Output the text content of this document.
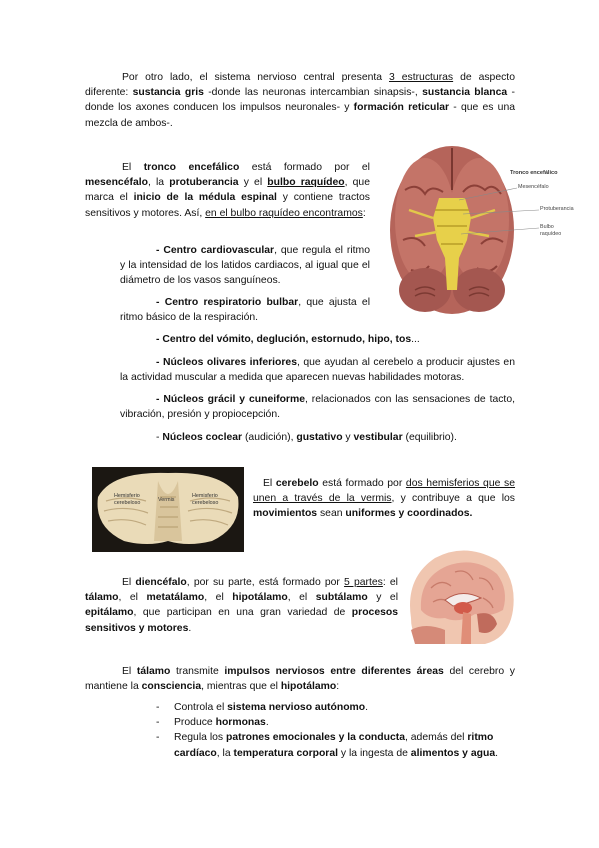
Por otro lado, el sistema nervioso central presenta 3 estructuras de aspecto diferente: sustancia gris -donde las neuronas intercambian sinapsis-, sustancia blanca -donde los axones conducen los impulsos neuronales- y formación reticular - que es una mezcla de ambos-.
El tronco encefálico está formado por el mesencéfalo, la protuberancia y el bulbo raquídeo, que marca el inicio de la médula espinal y contiene tractos sensitivos y motores. Así, en el bulbo raquídeo encontramos:
Tronco encefálico
Mesencéfalo
Protuberancia
Bulbo raquídeo
- Centro cardiovascular, que regula el ritmo y la intensidad de los latidos cardiacos, al igual que el diámetro de los vasos sanguíneos.
- Centro respiratorio bulbar, que ajusta el ritmo básico de la respiración.
- Centro del vómito, deglución, estornudo, hipo, tos...
- Núcleos olivares inferiores, que ayudan al cerebelo a producir ajustes en la actividad muscular a medida que aparecen nuevas habilidades motoras.
- Núcleos grácil y cuneiforme, relacionados con las sensaciones de tacto, vibración, presión y propiocepción.
- Núcleos coclear (audición), gustativo y vestibular (equilibrio).
Hemisferio cerebeloso	Vermis
Hemisferio cerebeloso
El cerebelo está formado por dos hemisferios que se unen a través de la vermis, y contribuye a que los movimientos sean uniformes y coordinados.
El diencéfalo, por su parte, está formado por 5 partes: el tálamo, el metatálamo, el hipotálamo, el subtálamo y el epitálamo, que participan en una gran variedad de procesos sensitivos y motores.
El tálamo transmite impulsos nerviosos entre diferentes áreas del cerebro y mantiene la consciencia, mientras que el hipotálamo:
- Controla el sistema nervioso autónomo.
- Produce hormonas.
- Regula los patrones emocionales y la conducta, además del ritmo cardíaco, la temperatura corporal y la ingesta de alimentos y agua.
